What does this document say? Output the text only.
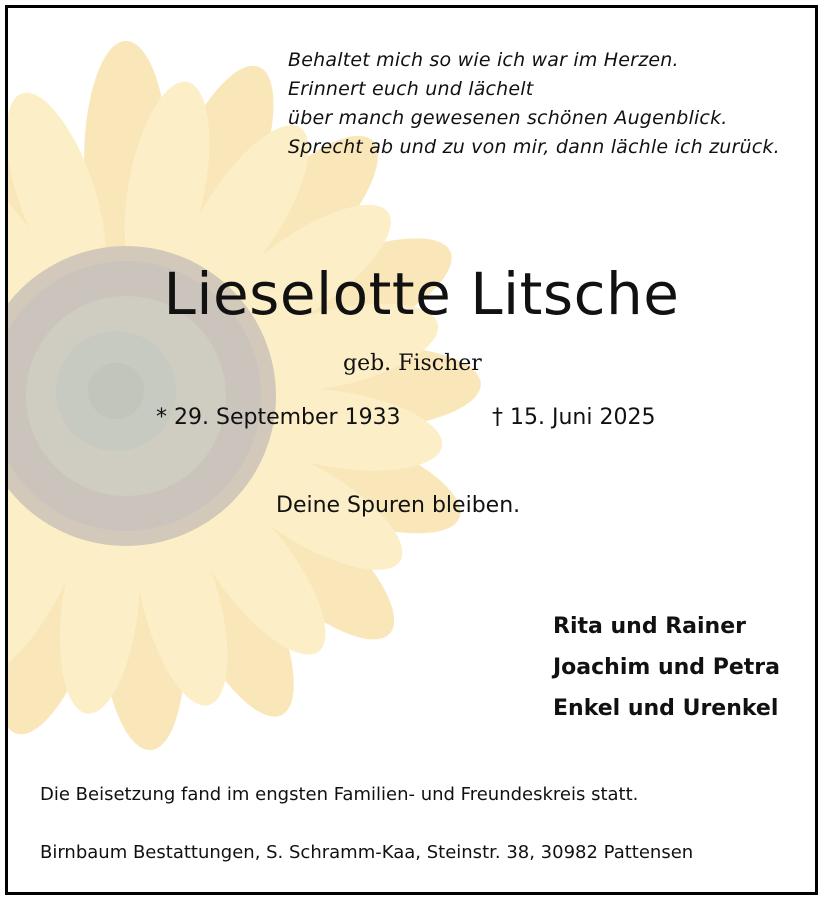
Behaltet mich so wie ich war im Herzen.
Erinnert euch und lächelt
über manch gewesenen schönen Augenblick.
Sprecht ab und zu von mir, dann lächle ich zurück.
Lieselotte Litsche
geb. Fischer
* 29. September 1933	† 15. Juni 2025
Deine Spuren bleiben.
Rita und Rainer
Joachim und Petra
Enkel und Urenkel
Die Beisetzung fand im engsten Familien- und Freundeskreis statt.
Birnbaum Bestattungen, S. Schramm-Kaa, Steinstr. 38, 30982 Pattensen
